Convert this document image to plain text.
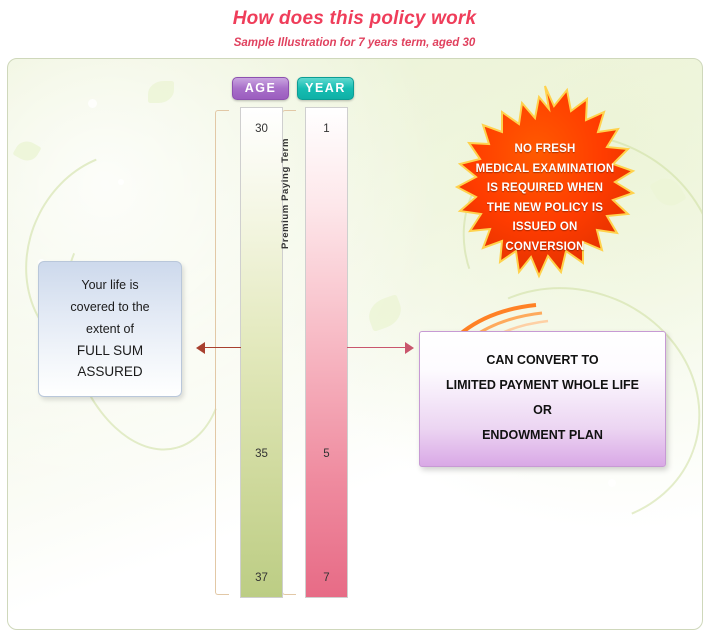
How does this policy work

Sample Illustration for 7 years term, aged 30

AGE	YEAR
30
35
37
1
5
7
Premium Paying Term
Your life is
covered to the
extent of
FULL SUM
ASSURED
NO FRESH
MEDICAL EXAMINATION
IS REQUIRED WHEN
THE NEW POLICY IS
ISSUED ON
CONVERSION
CAN CONVERT TO
LIMITED PAYMENT WHOLE LIFE
OR
ENDOWMENT PLAN
